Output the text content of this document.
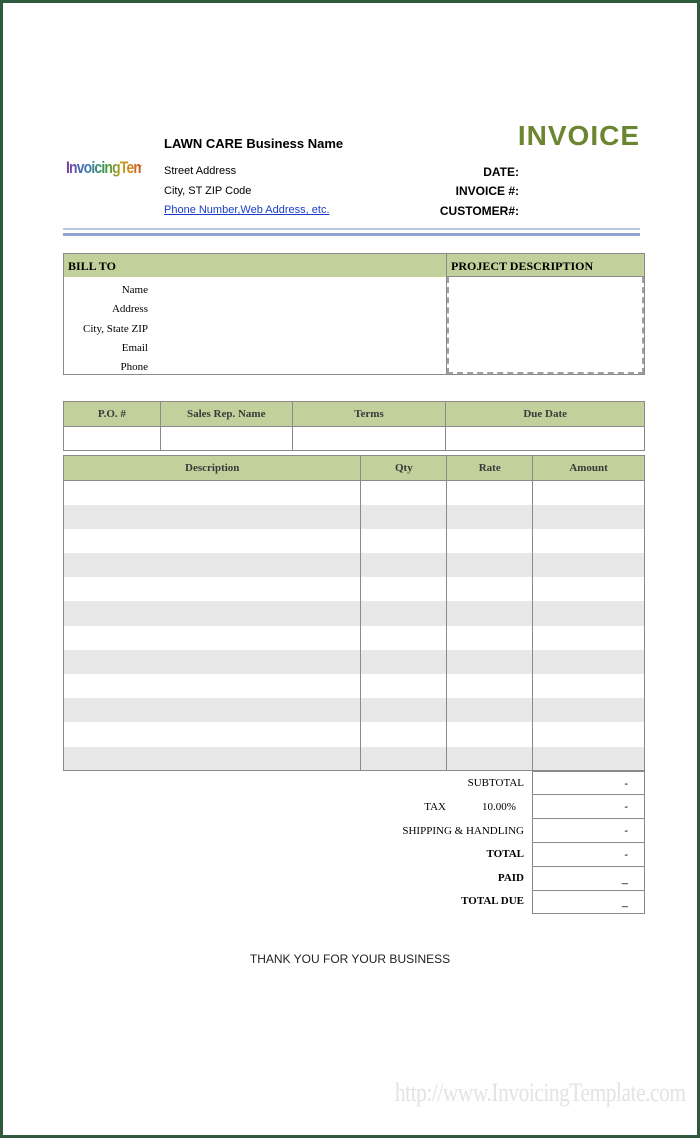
InvoicingTemplates
LAWN CARE Business Name
Street Address
City, ST ZIP Code
Phone Number,Web Address, etc.
INVOICE
DATE:
INVOICE #:
CUSTOMER#:
BILL TO	PROJECT DESCRIPTION
Name
Address
City, State ZIP
Email
Phone
P.O. #	Sales Rep. Name	Terms	Due Date

Description	Qty	Rate	Amount

SUBTOTAL	-
TAX	10.00%	-
SHIPPING & HANDLING	-
TOTAL	-
PAID	_
TOTAL DUE	_
THANK YOU FOR YOUR BUSINESS
http://www.InvoicingTemplate.com
